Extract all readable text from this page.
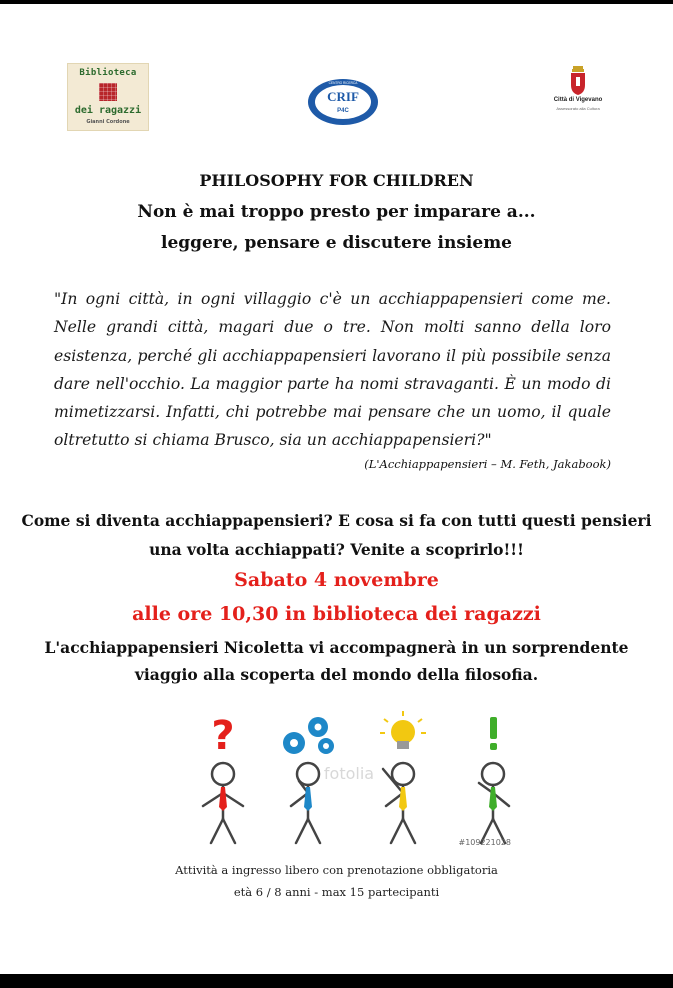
Biblioteca
dei ragazzi
Gianni Cordone
CRIF
P4C
CENTRO RICERCA
Città di Vigevano
Assessorato alla Cultura
PHILOSOPHY FOR CHILDREN
Non è mai troppo presto per imparare a...
leggere, pensare e discutere insieme
"In ogni città, in ogni villaggio c'è un acchiappapensieri come me. Nelle grandi città, magari due o tre. Non molti sanno della loro esistenza, perché gli acchiappapensieri lavorano il più possibile senza dare nell'occhio. La maggior parte ha nomi stravaganti. È un modo di mimetizzarsi. Infatti, chi potrebbe mai pensare che un uomo, il quale oltretutto si chiama Brusco, sia un acchiappapensieri?"
(L'Acchiappapensieri – M. Feth, Jakabook)
Come si diventa acchiappapensieri? E cosa si fa con tutti questi pensieri
una volta acchiappati? Venite a scoprirlo!!!
Sabato 4 novembre
alle ore 10,30 in biblioteca dei ragazzi
L'acchiappapensieri Nicoletta vi accompagnerà in un sorprendente
viaggio alla scoperta del mondo della filosofia.
?
fotolia
#109221028
Attività a ingresso libero con prenotazione obbligatoria
età 6 / 8 anni - max 15 partecipanti
